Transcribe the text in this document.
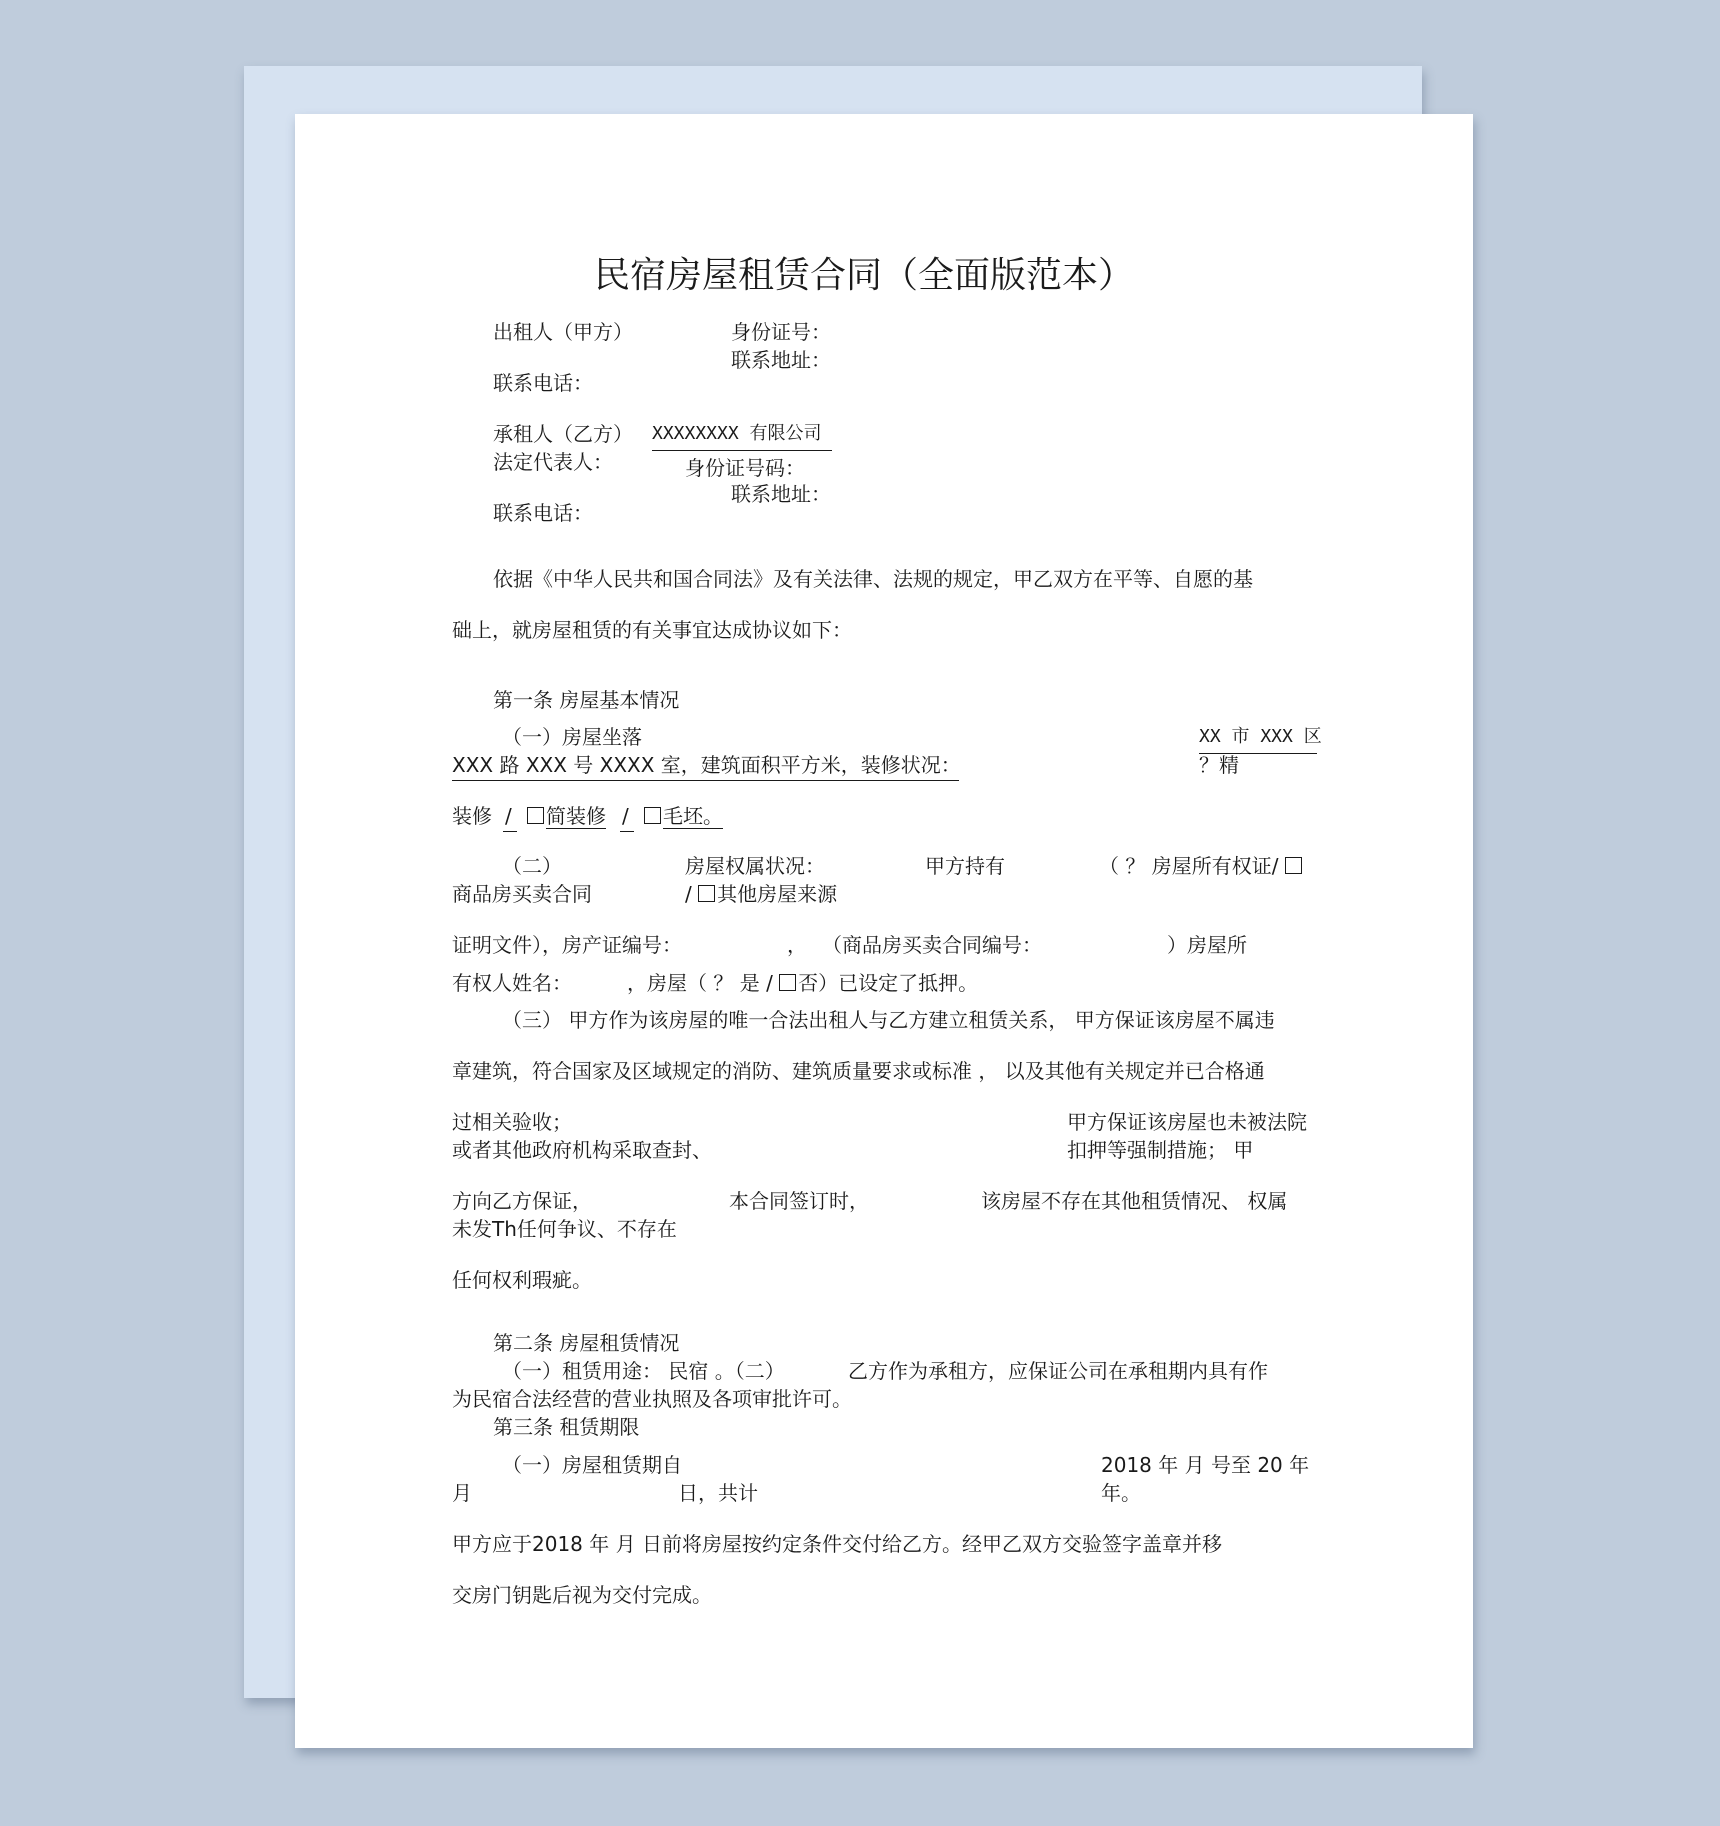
民宿房屋租赁合同（全面版范本）
出租人（甲方）	身份证号：
联系地址：
联系电话：
承租人（乙方） XXXXXXXX 有限公司
法定代表人：	身份证号码：
联系地址：
联系电话：
依据《中华人民共和国合同法》及有关法律、法规的规定，甲乙双方在平等、自愿的基
础上，就房屋租赁的有关事宜达成协议如下：
第一条 房屋基本情况
（一）房屋坐落	XX 市 XXX 区
XXX 路 XXX 号 XXXX 室，建筑面积平方米，装修状况：	？精
装修 /	简装修 /	毛坯。
（二）	房屋权属状况：	甲方持有	（ ？ 房屋所有权证/
商品房买卖合同	/ 其他房屋来源
证明文件），房产证编号：	， （商品房买卖合同编号：	）房屋所
有权人姓名：	，房屋（ ？ 是 / 否）已设定了抵押。
（三） 甲方作为该房屋的唯一合法出租人与乙方建立租赁关系， 甲方保证该房屋不属违
章建筑，符合国家及区域规定的消防、建筑质量要求或标准 ， 以及其他有关规定并已合格通
过相关验收；	甲方保证该房屋也未被法院
或者其他政府机构采取查封、	扣押等强制措施； 甲
方向乙方保证，	本合同签订时，	该房屋不存在其他租赁情况、 权属
未发Th任何争议、不存在
任何权利瑕疵。
第二条 房屋租赁情况
（一）租赁用途： 民宿 。（二）	乙方作为承租方，应保证公司在承租期内具有作
为民宿合法经营的营业执照及各项审批许可。
第三条 租赁期限
（一）房屋租赁期自	2018 年 月 号至 20 年
月	日，共计	年。
甲方应于2018 年 月 日前将房屋按约定条件交付给乙方。经甲乙双方交验签字盖章并移
交房门钥匙后视为交付完成。
